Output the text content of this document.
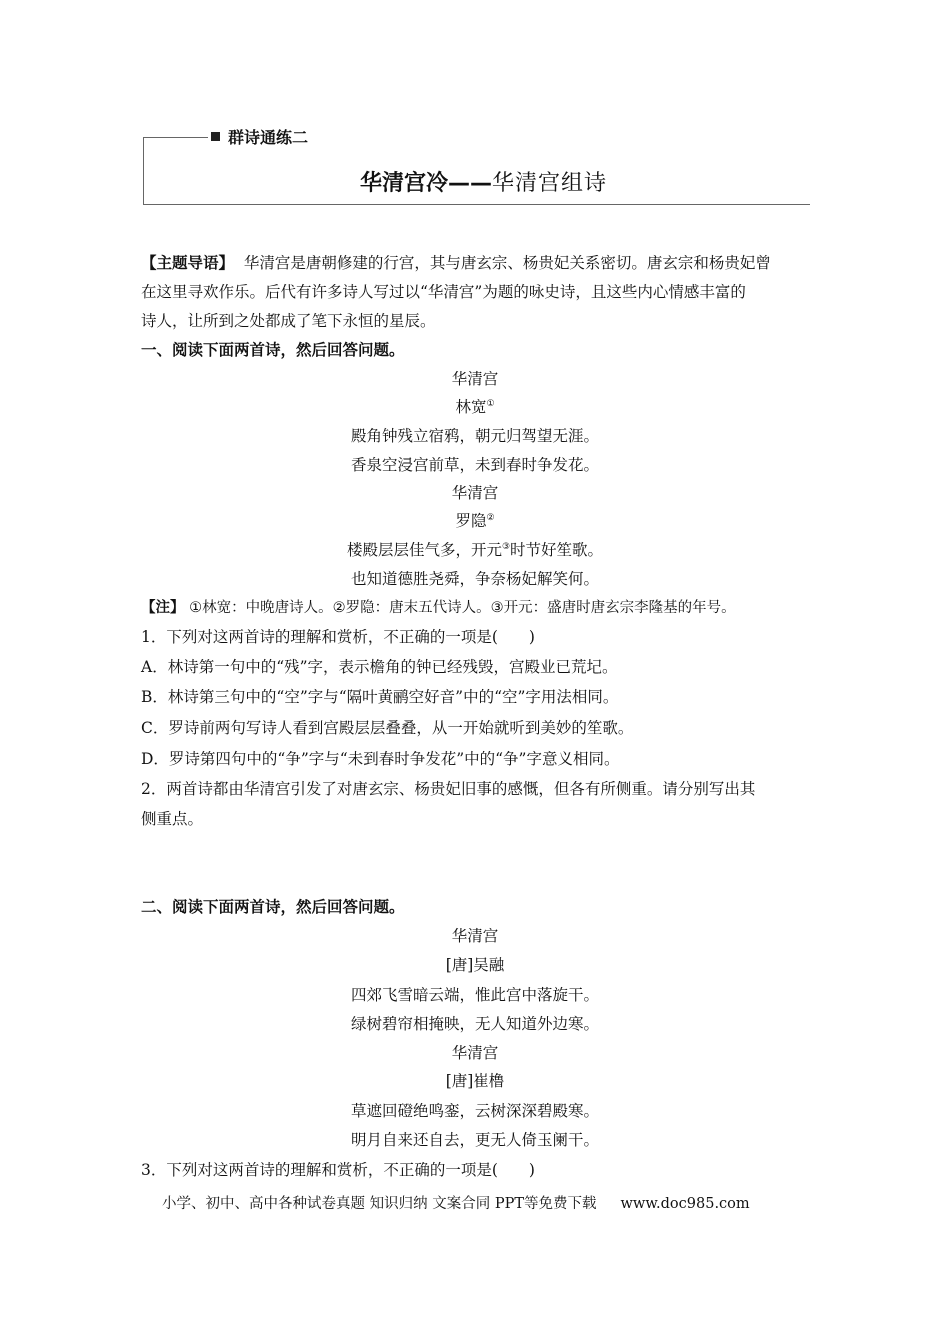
群诗通练二
华清宫冷——华清宫组诗
【主题导语】 华清宫是唐朝修建的行宫，其与唐玄宗、杨贵妃关系密切。唐玄宗和杨贵妃曾
在这里寻欢作乐。后代有许多诗人写过以“华清宫”为题的咏史诗，且这些内心情感丰富的
诗人，让所到之处都成了笔下永恒的星辰。
一、阅读下面两首诗，然后回答问题。
华清宫
林宽①
殿角钟残立宿鸦，朝元归驾望无涯。
香泉空浸宫前草，未到春时争发花。
华清宫
罗隐②
楼殿层层佳气多，开元③时节好笙歌。
也知道德胜尧舜，争奈杨妃解笑何。
【注】 ①林宽：中晚唐诗人。②罗隐：唐末五代诗人。③开元：盛唐时唐玄宗李隆基的年号。
1．下列对这两首诗的理解和赏析，不正确的一项是(　　)
A．林诗第一句中的“残”字，表示檐角的钟已经残毁，宫殿业已荒圮。
B．林诗第三句中的“空”字与“隔叶黄鹂空好音”中的“空”字用法相同。
C．罗诗前两句写诗人看到宫殿层层叠叠，从一开始就听到美妙的笙歌。
D．罗诗第四句中的“争”字与“未到春时争发花”中的“争”字意义相同。
2．两首诗都由华清宫引发了对唐玄宗、杨贵妃旧事的感慨，但各有所侧重。请分别写出其
侧重点。
二、阅读下面两首诗，然后回答问题。
华清宫
[唐]吴融
四郊飞雪暗云端，惟此宫中落旋干。
绿树碧帘相掩映，无人知道外边寒。
华清宫
[唐]崔橹
草遮回磴绝鸣銮，云树深深碧殿寒。
明月自来还自去，更无人倚玉阑干。
3．下列对这两首诗的理解和赏析，不正确的一项是(　　)
小学、初中、高中各种试卷真题 知识归纳 文案合同 PPT等免费下载 www.doc985.com
